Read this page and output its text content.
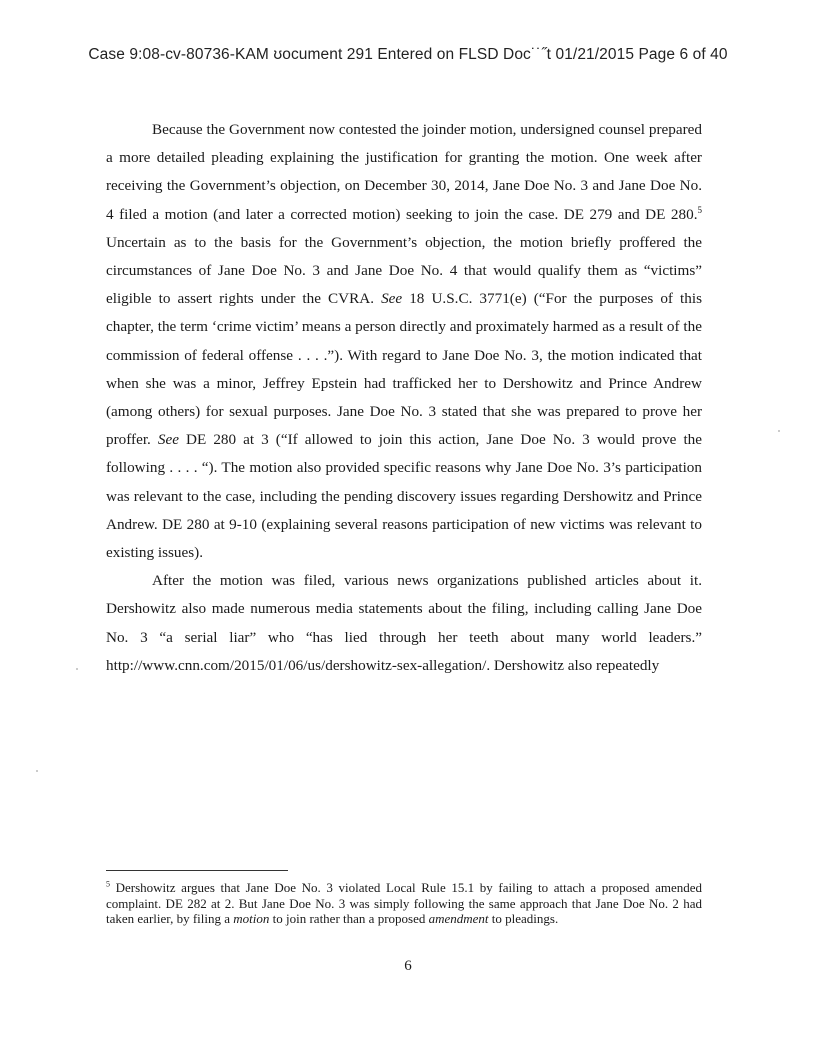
Case 9:08-cv-80736-KAM ʊocument 291 Entered on FLSD Doc˙˙˝t 01/21/2015 Page 6 of 40

Because the Government now contested the joinder motion, undersigned counsel prepared a more detailed pleading explaining the justification for granting the motion. One week after receiving the Government’s objection, on December 30, 2014, Jane Doe No. 3 and Jane Doe No. 4 filed a motion (and later a corrected motion) seeking to join the case. DE 279 and DE 280.$^5$ Uncertain as to the basis for the Government’s objection, the motion briefly proffered the circumstances of Jane Doe No. 3 and Jane Doe No. 4 that would qualify them as “victims” eligible to assert rights under the CVRA. See 18 U.S.C. 3771(e) (“For the purposes of this chapter, the term ‘crime victim’ means a person directly and proximately harmed as a result of the commission of federal offense . . . .”). With regard to Jane Doe No. 3, the motion indicated that when she was a minor, Jeffrey Epstein had trafficked her to Dershowitz and Prince Andrew (among others) for sexual purposes. Jane Doe No. 3 stated that she was prepared to prove her proffer. See DE 280 at 3 (“If allowed to join this action, Jane Doe No. 3 would prove the following . . . . “). The motion also provided specific reasons why Jane Doe No. 3’s participation was relevant to the case, including the pending discovery issues regarding Dershowitz and Prince Andrew. DE 280 at 9-10 (explaining several reasons participation of new victims was relevant to existing issues).

After the motion was filed, various news organizations published articles about it. Dershowitz also made numerous media statements about the filing, including calling Jane Doe No. 3 “a serial liar” who “has lied through her teeth about many world leaders.” http://www.cnn.com/2015/01/06/us/dershowitz-sex-allegation/. Dershowitz also repeatedly

$^5$ Dershowitz argues that Jane Doe No. 3 violated Local Rule 15.1 by failing to attach a proposed amended complaint. DE 282 at 2. But Jane Doe No. 3 was simply following the same approach that Jane Doe No. 2 had taken earlier, by filing a motion to join rather than a proposed amendment to pleadings.
6
